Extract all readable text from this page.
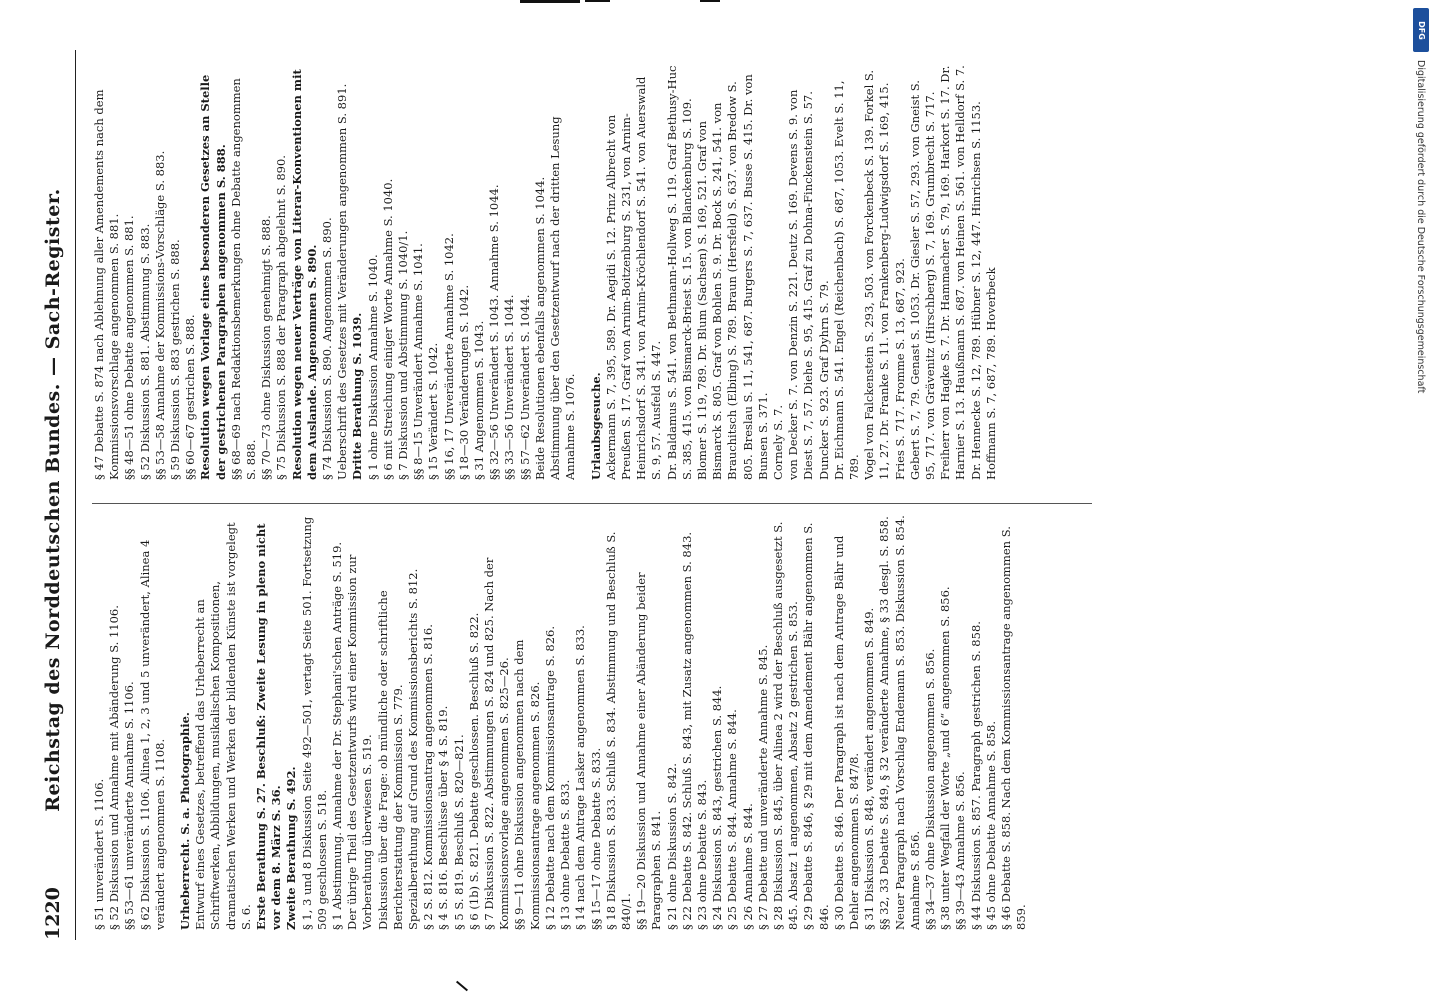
1220
Reichstag des Norddeutschen Bundes. — Sach-Register.
§ 51 unverändert S. 1106. § 52 Diskussion und Annahme mit Abänderung S. 1106. §§ 53—61 unveränderte Annahme S. 1106. § 62 Diskussion S. 1106. Alinea 1, 2, 3 und 5 unverändert, Alinea 4 verändert angenommen S. 1108. Urheberrecht. S. a. Photographie. Entwurf eines Gesetzes, betreffend das Urheberrecht an Schriftwerken, Abbildungen, musikalischen Kompositionen, dramatischen Werken und Werken der bildenden Künste ist vorgelegt S. 6. Erste Berathung S. 27. Beschluß: Zweite Lesung in pleno nicht vor dem 8. März S. 36. Zweite Berathung S. 492. § 1, 3 und 8 Diskussion Seite 492—501, vertagt Seite 501. Fortsetzung 509 geschlossen S. 518. § 1 Abstimmung. Annahme der Dr. Stephani'schen Anträge S. 519. Der übrige Theil des Gesetzentwurfs wird einer Kommission zur Vorberathung überwiesen S. 519. Diskussion über die Frage: ob mündliche oder schriftliche Berichterstattung der Kommission S. 779. Spezialberathung auf Grund des Kommissionsberichts S. 812. § 2 S. 812. Kommissionsantrag angenommen S. 816. § 4 S. 816. Beschlüsse über § 4 S. 819. § 5 S. 819. Beschluß S. 820—821. § 6 (1b) S. 821. Debatte geschlossen. Beschluß S. 822. § 7 Diskussion S. 822. Abstimmungen S. 824 und 825. Nach der Kommissionsvorlage angenommen S. 825—26. §§ 9—11 ohne Diskussion angenommen nach dem Kommissionsantrage angenommen S. 826. § 12 Debatte nach dem Kommissionsantrage S. 826. § 13 ohne Debatte S. 833. § 14 nach dem Antrage Lasker angenommen S. 833. §§ 15—17 ohne Debatte S. 833. § 18 Diskussion S. 833. Schluß S. 834. Abstimmung und Beschluß S. 840/1. §§ 19—20 Diskussion und Annahme einer Abänderung beider Paragraphen S. 841. § 21 ohne Diskussion S. 842. § 22 Debatte S. 842. Schluß S. 843, mit Zusatz angenommen S. 843. § 23 ohne Debatte S. 843. § 24 Diskussion S. 843, gestrichen S. 844. § 25 Debatte S. 844. Annahme S. 844. § 26 Annahme S. 844. § 27 Debatte und unveränderte Annahme S. 845. § 28 Diskussion S. 845, über Alinea 2 wird der Beschluß ausgesetzt S. 845. Absatz 1 angenommen, Absatz 2 gestrichen S. 853. § 29 Debatte S. 846, § 29 mit dem Amendement Bähr angenommen S. 846. § 30 Debatte S. 846. Der Paragraph ist nach dem Antrage Bähr und Dehler angenommen S. 847/8. § 31 Diskussion S. 848, verändert angenommen S. 849. §§ 32, 33 Debatte S. 849, § 32 veränderte Annahme, § 33 desgl. S. 858. Neuer Paragraph nach Vorschlag Endemann S. 853. Diskussion S. 854. Annahme S. 856. §§ 34—37 ohne Diskussion angenommen S. 856. § 38 unter Wegfall der Worte „und 6“ angenommen S. 856. §§ 39—43 Annahme S. 856. § 44 Diskussion S. 857. Paragraph gestrichen S. 858. § 45 ohne Debatte Annahme S. 858. § 46 Debatte S. 858. Nach dem Kommissionsantrage angenommen S. 859.
§ 47 Debatte S. 874 nach Ablehnung aller Amendements nach dem Kommissionsvorschlage angenommen S. 881. §§ 48—51 ohne Debatte angenommen S. 881. § 52 Diskussion S. 881. Abstimmung S. 883. §§ 53—58 Annahme der Kommissions-Vorschläge S. 883. § 59 Diskussion S. 883 gestrichen S. 888. §§ 60—67 gestrichen S. 888. Resolution wegen Vorlage eines besonderen Gesetzes an Stelle der gestrichenen Paragraphen angenommen S. 888. §§ 68—69 nach Redaktionsbemerkungen ohne Debatte angenommen S. 888. §§ 70—73 ohne Diskussion genehmigt S. 888. § 75 Diskussion S. 888 der Paragraph abgelehnt S. 890. Resolution wegen neuer Verträge von Literar-Konventionen mit dem Auslande. Angenommen S. 890. § 74 Diskussion S. 890. Angenommen S. 890. Ueberschrift des Gesetzes mit Veränderungen angenommen S. 891. Dritte Berathung S. 1039. § 1 ohne Diskussion Annahme S. 1040. § 6 mit Streichung einiger Worte Annahme S. 1040. § 7 Diskussion und Abstimmung S. 1040/1. §§ 8—15 Unverändert Annahme S. 1041. § 15 Verändert S. 1042. §§ 16, 17 Unveränderte Annahme S. 1042. § 18—30 Veränderungen S. 1042. § 31 Angenommen S. 1043. §§ 32—56 Unverändert S. 1043. Annahme S. 1044. §§ 33—56 Unverändert S. 1044. §§ 57—62 Unverändert S. 1044. Beide Resolutionen ebenfalls angenommen S. 1044. Abstimmung über den Gesetzentwurf nach der dritten Lesung Annahme S. 1076. Urlaubsgesuche. Ackermann S. 7, 395, 589. Dr. Aegidi S. 12. Prinz Albrecht von Preußen S. 17. Graf von Arnim-Boitzenburg S. 231, von Arnim-Heinrichsdorf S. 341. von Arnim-Kröchlendorf S. 541. von Auerswald S. 9, 57. Ausfeld S. 447. Dr. Baldamus S. 541. von Bethmann-Hollweg S. 119. Graf Bethusy-Huc S. 385, 415. von Bismarck-Briest S. 15. von Blanckenburg S. 109. Blomer S. 119, 789. Dr. Blum (Sachsen) S. 169, 521. Graf von Bismarck S. 805. Graf von Bohlen S. 9. Dr. Bock S. 241, 541. von Brauchitsch (Elbing) S. 789. Braun (Hersfeld) S. 637. von Bredow S. 805. Breslau S. 11, 541, 687. Burgers S. 7, 637. Busse S. 415. Dr. von Bunsen S. 371. Cornely S. 7. von Decker S. 7. von Denzin S. 221. Deutz S. 169. Devens S. 9. von Diest S. 7, 57. Diehe S. 95, 415. Graf zu Dohna-Finckenstein S. 57. Duncker S. 923. Graf Dyhrn S. 79. Dr. Eichmann S. 541. Engel (Reichenbach) S. 687, 1053. Evelt S. 11, 789. Vogel von Falckenstein S. 293, 503. von Forckenbeck S. 139. Forkel S. 11, 27. Dr. Franke S. 11. von Frankenberg-Ludwigsdorf S. 169, 415. Fries S. 717. Fromme S. 13, 687, 923. Gebert S. 7, 79. Genast S. 1053. Dr. Giesler S. 57, 293. von Gneist S. 95, 717. von Grävenitz (Hirschberg) S. 7, 169. Grumbrecht S. 717. Freiherr von Hagke S. 7. Dr. Hammacher S. 79, 169. Harkort S. 17. Dr. Harnier S. 13. Haußmann S. 687. von Heinen S. 561. von Helldorf S. 7. Dr. Hennecke S. 12, 789. Hübner S. 12, 447. Hinrichsen S. 1153. Hoffmann S. 7, 687, 789. Hoverbeck
DFG
Digitalisierung gefördert durch die Deutsche Forschungsgemeinschaft
